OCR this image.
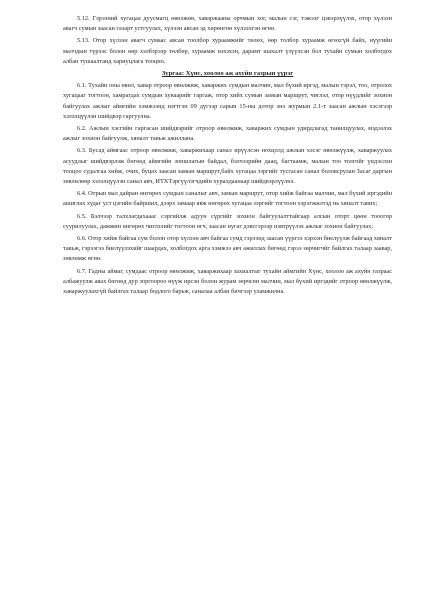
5.12. Гэрээний хугацаа дуусмагц өвөлжөө, хаваржааны орчмын хог, малын сэг, тэжээг цэвэрлүүлэх, отор хүлээн авагч сумын заасан газарт устгуулах, хүлээн авсан эд хөрөнгөө хүлээлгэн өгнө.

5.13. Отор хүлээн авагч сумаас авсан тоолбор хураамжийг төлөх, өөр толбор хураамж өгөхгүй байх, нүүгийн малчдын түрээс болон өөр хэлбэрээр төлбөр, хураамж нэхэхэн, дарамт шахалт үзүүлсэн бол тухайн сумын холбогдох албан тушаалтанд хариуцлага тооцно.

Зургаа: Хүнс, хоолоо аж ахуйн газрын үүрэг

6.1. Тухайн оны өвөл, хавар отроор өвөлжиж, хаваржих сумдын малчин, мал бүхий иргэд, малын тэрэл, тоо, отролох хугацааг тогтоон, хамрагдах сумдын хуваарийг гаргаж, отор хийх сумын замын маршрут, чиглэл, отор нүүдлийг зохион байгуулах ажлыг аймгийн хэмжээнд нэгтгэн 09 дүгээр сарын 15-ны дотор энэ журмын 2.1-т заасан ажлын хэсэгээр хэлэлцүүлэн шийдвэр гаргуулна.

6.2. Ажлын хэсгийн гаргасан шийдвэрийг отроор өвөлжиж, хаваржих сумдын удирдлагад танилцуулах, мэдээлэх ажлыг зохион байгуулж, хяналт тавьж ажиллана.

6.3. Бусад аймгаас отроор өвөлжиж, хаваржихаар санал ирүүлсэн нохцолд ажлын хэсэг өвөлжүүлж, хаваржуулах асуудлыг шийдвэрлэж бөгөөд аймгийн зоншлагын байдал, бэлчээрийн даац, багтаамж, малын тоо толгойг үндэслэн тооцоо судалгаа хийж, очих, буцах заасан замын маршрут,байх хугацаа зэргийг тусгасан санал боловсрулан Засаг даргын зөвлөлөөр хэлэлцүүлэн санал авч, ИТХТэргүүлэгчдийн хуралдаанаар шийдвэрлүүлнэ.

6.4. Отрын мал дайран өнгөрөх сумдын саналыг авч, замын маршрут, отор хийж байгаа малчин, мал бүхий иргэдийн ашиглах худаг уст цэгийн байршил, дээрх замаар явж өнгөрөх хугацаа зэргийг тогтоон хэрэгжилтэд нь хяналт тавих;

6.5. Бэлчээр талхлагдахааас сэргийлж адуун сүргийг зохион байгуулалттайгаар алсын оторт цөөн тооогор суурилуулах, дамжин өнгөрөх чиглэлийг тогтоон өгч, заасан нугаг дэвсгэрээр нэвтрүүлэх ажлыг зохион байгуулах;

6.6. Отор хийж байгаа сум болон отор хүлээн авч байгаа сумд гэрээнд заасан үүргээ хэрхэн биелүүлж байгаад хяналт тавьж, гэрээгээ биелүүлэхийг шаардах, холбогдох арга хэмжээ авч ажиллах бөгөөд гэрээ зөрчигчйг байлгах талаар заавар, зөвлөмж өгнө.

6.7. Гадны аймаг, сумдаас отроор өвөлжиж, хаваржихаар захиалгыг тухайн аймгийн Хүнс, хоолоо аж ахуйн газраас албажуулж авах бөгөөд дур зоргоороо нүүж ирсэн болон журам зөрчсөн малчин, мал бүхий иргэдийг отроор өвөлжүүлж, хаваржуулахгүй байлгах талаар бодлого барьж, саналаа албан бичгээр уламжилна.
